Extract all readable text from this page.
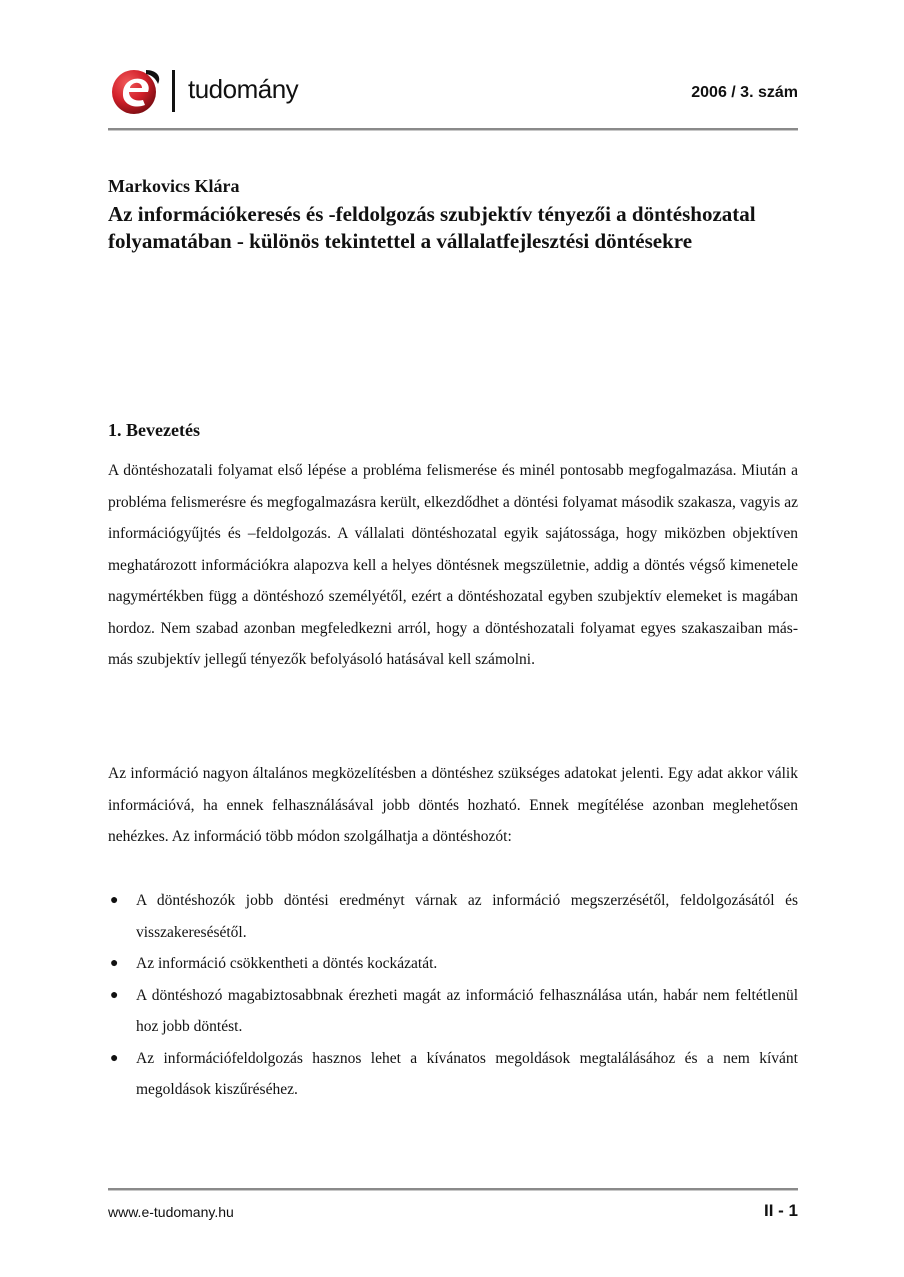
tudomány	2006 / 3. szám
Markovics Klára
Az információkeresés és -feldolgozás szubjektív tényezői a döntéshozatal folyamatában - különös tekintettel a vállalatfejlesztési döntésekre
1. Bevezetés

A döntéshozatali folyamat első lépése a probléma felismerése és minél pontosabb megfogalmazása. Miután a probléma felismerésre és megfogalmazásra került, elkezdődhet a döntési folyamat második szakasza, vagyis az információgyűjtés és –feldolgozás. A vállalati döntéshozatal egyik sajátossága, hogy miközben objektíven meghatározott információkra alapozva kell a helyes döntésnek megszületnie, addig a döntés végső kimenetele nagymértékben függ a döntéshozó személyétől, ezért a döntéshozatal egyben szubjektív elemeket is magában hordoz. Nem szabad azonban megfeledkezni arról, hogy a döntéshozatali folyamat egyes szakaszaiban más-más szubjektív jellegű tényezők befolyásoló hatásával kell számolni.

Az információ nagyon általános megközelítésben a döntéshez szükséges adatokat jelenti. Egy adat akkor válik információvá, ha ennek felhasználásával jobb döntés hozható. Ennek megítélése azonban meglehetősen nehézkes. Az információ több módon szolgálhatja a döntéshozót:

● A döntéshozók jobb döntési eredményt várnak az információ megszerzésétől, feldolgozásától és visszakeresésétől.
● Az információ csökkentheti a döntés kockázatát.
● A döntéshozó magabiztosabbnak érezheti magát az információ felhasználása után, habár nem feltétlenül hoz jobb döntést.
● Az információfeldolgozás hasznos lehet a kívánatos megoldások megtalálásához és a nem kívánt megoldások kiszűréséhez.
www.e-tudomany.hu	II - 1
